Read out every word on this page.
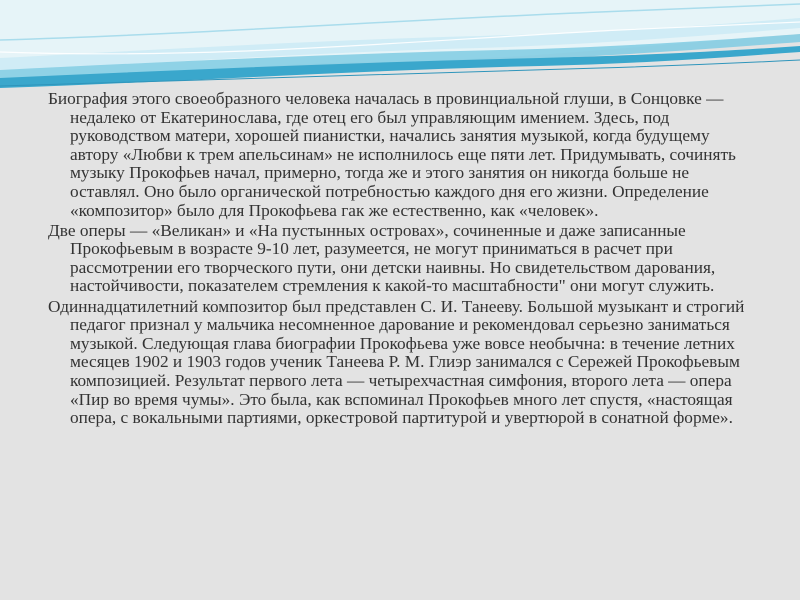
Биография этого своеобразного человека началась в провинциальной глуши, в Сонцовке — недалеко от Екатеринослава, где отец его был управляющим имением. Здесь, под руководством матери, хорошей пианистки, начались занятия музыкой, когда будущему автору «Любви к трем апельсинам» не исполнилось еще пяти лет. Придумывать, сочинять музыку Прокофьев начал, примерно, тогда же и этого занятия он никогда больше не оставлял. Оно было органической потребностью каждого дня его жизни. Определение «композитор» было для Прокофьева гак же естественно, как «человек».

Две оперы — «Великан» и «На пустынных островах», сочиненные и даже записанные Прокофьевым в возрасте 9-10 лет, разумеется, не могут приниматься в расчет при рассмотрении его творческого пути, они детски наивны. Но свидетельством дарования, настойчивости, показателем стремления к какой-то масштабности" они могут служить.

Одиннадцатилетний композитор был представлен С. И. Танееву. Большой музыкант и строгий педагог признал у мальчика несомненное дарование и рекомендовал серьезно заниматься музыкой. Следующая глава биографии Прокофьева уже вовсе необычна: в течение летних месяцев 1902 и 1903 годов ученик Танеева Р. М. Глиэр занимался с Сережей Прокофьевым композицией. Результат первого лета — четырехчастная симфония, второго лета — опера «Пир во время чумы». Это была, как вспоминал Прокофьев много лет спустя, «настоящая опера, с вокальными партиями, оркестровой партитурой и увертюрой в сонатной форме».
